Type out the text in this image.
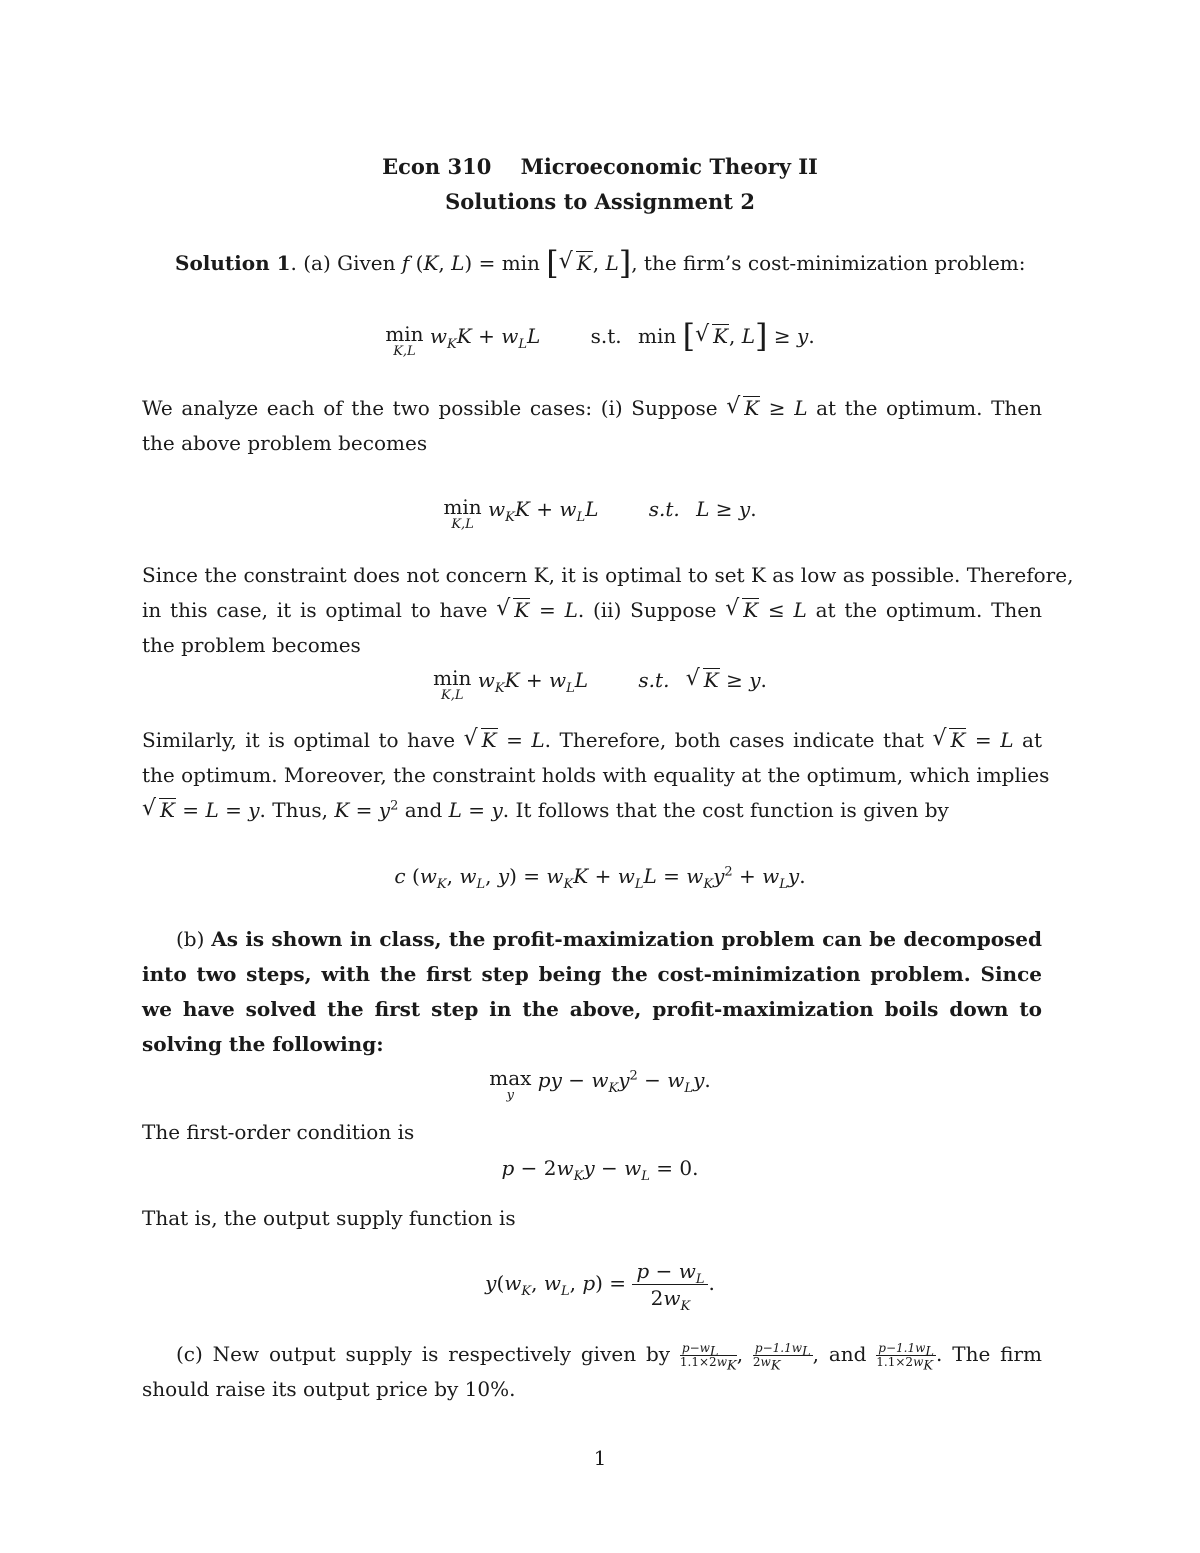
Econ 310    Microeconomic Theory II
Solutions to Assignment 2
Solution 1. (a) Given f (K, L) = min [ √ K, L], the firm’s cost-minimization problem:
min
K,L
$w_KK + w_LL$	s.t. min [ √ K, L] ≥ y.
We analyze each of the two possible cases: (i) Suppose √ K ≥ L at the optimum. Then
the above problem becomes
min
K,L
$w_KK + w_LL$	s.t. L ≥ y.
Since the constraint does not concern K, it is optimal to set K as low as possible. Therefore,
in this case, it is optimal to have √ K = L. (ii) Suppose √ K ≤ L at the optimum. Then
the problem becomes
min
K,L
$w_KK + w_LL$	s.t. √ K ≥ y.
Similarly, it is optimal to have √ K = L. Therefore, both cases indicate that √ K = L at
the optimum. Moreover, the constraint holds with equality at the optimum, which implies
√ K = L = y. Thus, $K = y^2$ and L = y. It follows that the cost function is given by
c ($w_K$, $w_L$, $y) = w_KK + w_LL = w_Ky^2 + w_Ly$.
(b) As is shown in class, the profit-maximization problem can be decomposed
into two steps, with the first step being the cost-minimization problem. Since
we have solved the first step in the above, profit-maximization boils down to
solving the following:
max
y
py − $w_Ky^2 - w_Ly$.
The first-order condition is
$p - 2w_Ky - w_L = 0$.
That is, the output supply function is
$y(w_K$, $w_L$, $p) = \frac{p - w_L}{2w_K}$ .
(c) New output supply is respectively given by $\frac{p-w_L}{1.1\times 2w_K}$ , $\frac{p-1.1w_L}{2w_K}$ , and $\frac{p-1.1w_L}{1.1\times 2w_K}$ . The firm
should raise its output price by 10%.
1
